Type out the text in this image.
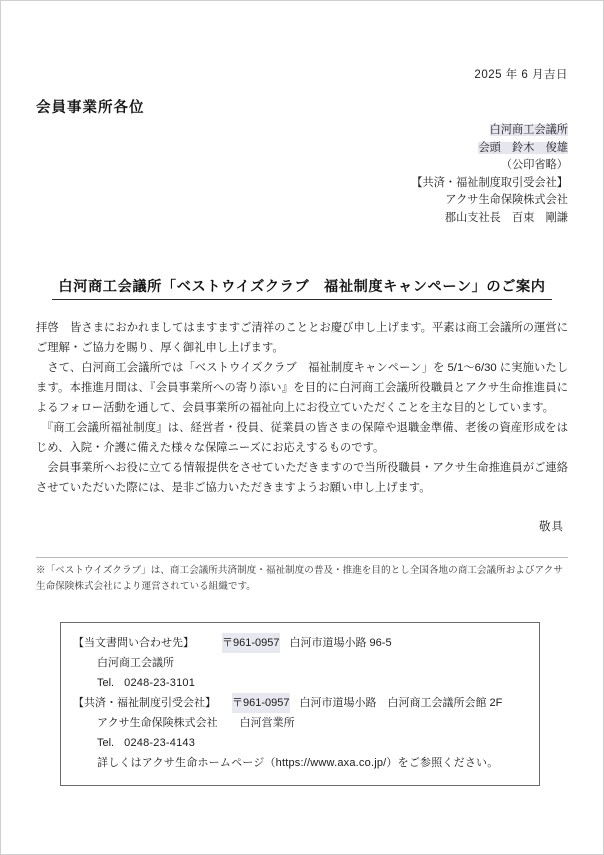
2025 年 6 月吉日
会員事業所各位
白河商工会議所
会頭　鈴木　俊雄
（公印省略）
【共済・福祉制度取引受会社】
アクサ生命保険株式会社
郡山支社長　百束　剛謙
白河商工会議所「ベストウイズクラブ　福祉制度キャンペーン」のご案内

拝啓　皆さまにおかれましてはますますご清祥のこととお慶び申し上げます。平素は商工会議所の運営にご理解・ご協力を賜り、厚く御礼申し上げます。

　さて、白河商工会議所では「ベストウイズクラブ　福祉制度キャンペーン」を 5/1〜6/30 に実施いたします。本推進月間は、『会員事業所への寄り添い』を目的に白河商工会議所役職員とアクサ生命推進員によるフォロー活動を通して、会員事業所の福祉向上にお役立ていただくことを主な目的としています。

　『商工会議所福祉制度』は、経営者・役員、従業員の皆さまの保障や退職金準備、老後の資産形成をはじめ、入院・介護に備えた様々な保障ニーズにお応えするものです。

　会員事業所へお役に立てる情報提供をさせていただきますので当所役職員・アクサ生命推進員がご連絡させていただいた際には、是非ご協力いただきますようお願い申し上げます。

敬具
※「ベストウイズクラブ」は、商工会議所共済制度・福祉制度の普及・推進を目的とし全国各地の商工会議所およびアクサ生命保険株式会社により運営されている組織です。
【当文書問い合わせ先】	〒961-0957 白河市道場小路 96-5
白河商工会議所
Tel. 0248-23-3101
【共済・福祉制度引受会社】 〒961-0957 白河市道場小路　白河商工会議所会館 2F
アクサ生命保険株式会社 白河営業所
Tel. 0248-23-4143
詳しくはアクサ生命ホームページ（https://www.axa.co.jp/）をご参照ください。
